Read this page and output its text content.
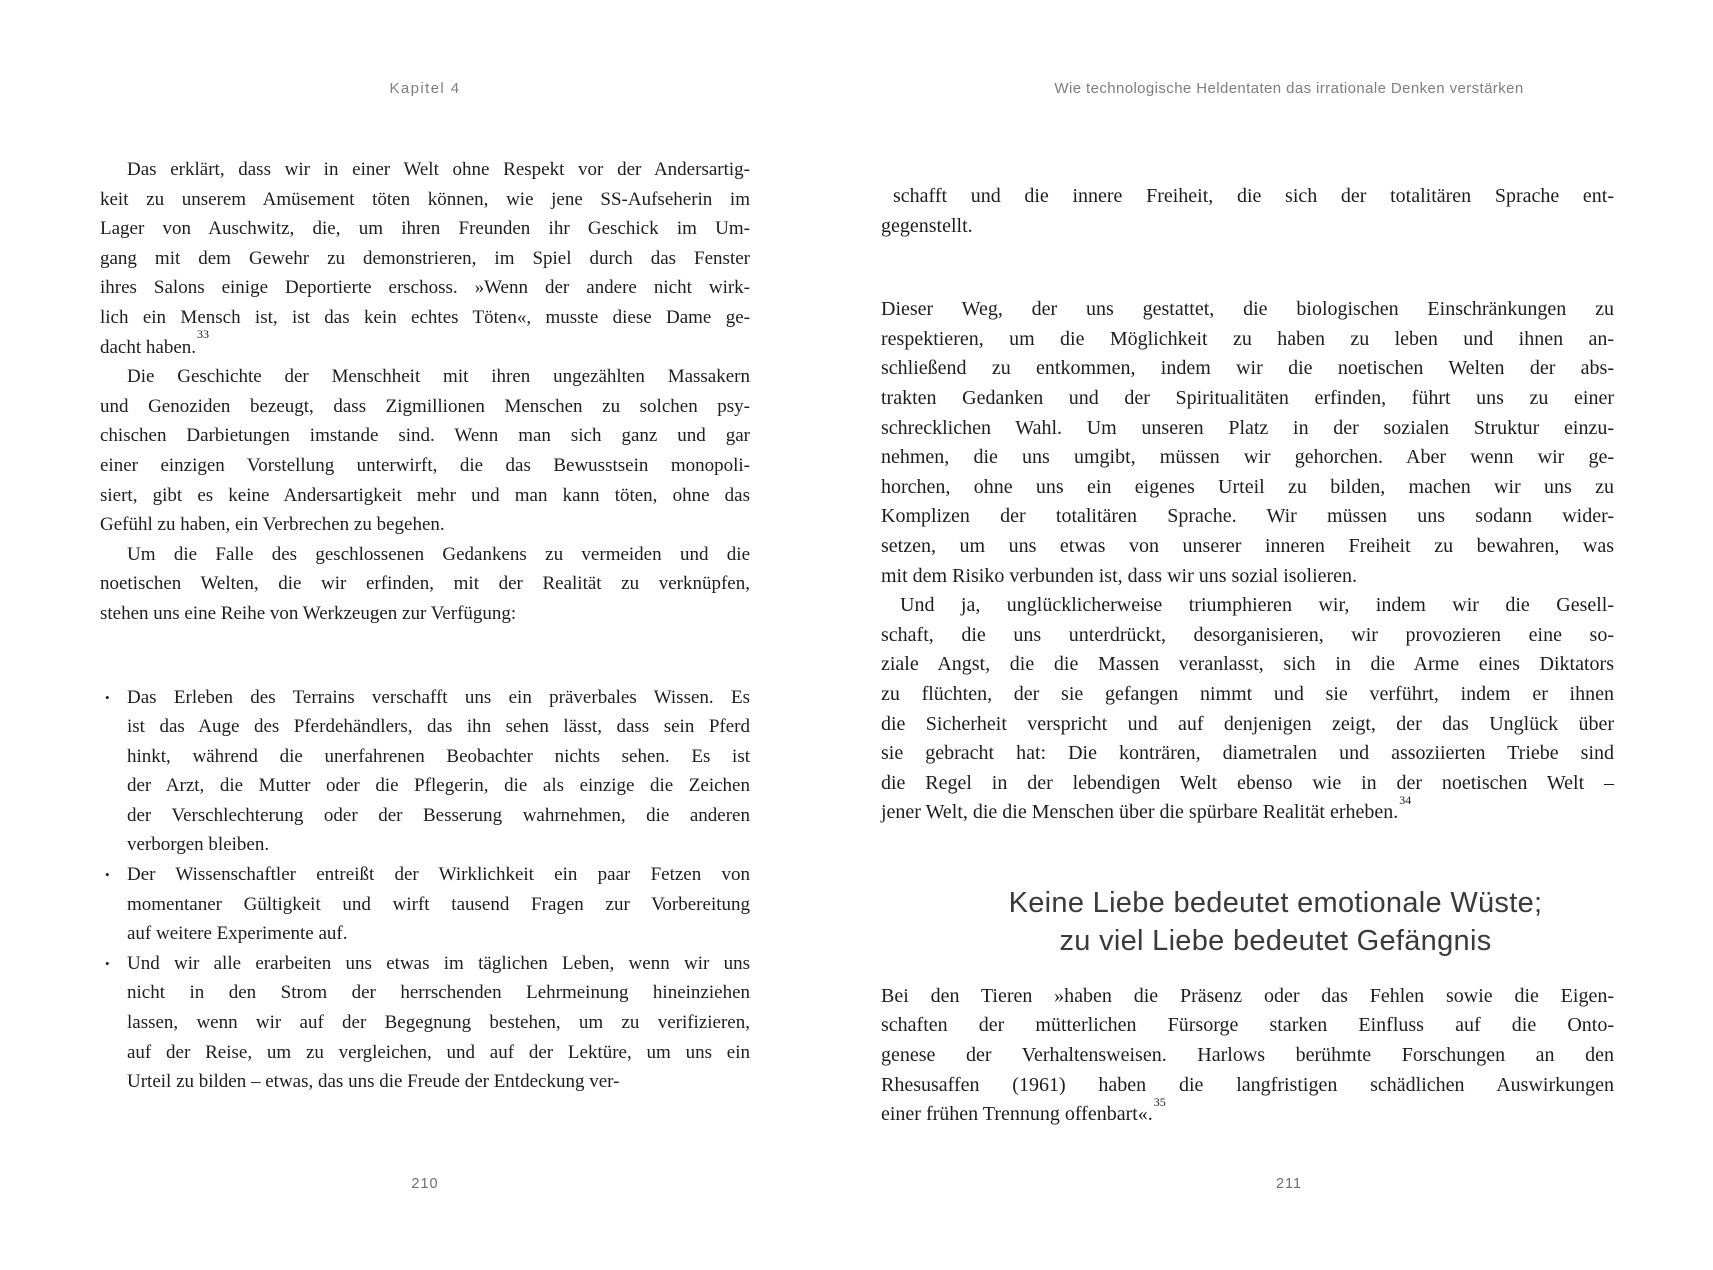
Kapitel 4

Das erklärt, dass wir in einer Welt ohne Respekt vor der Andersartig-
keit zu unserem Amüsement töten können, wie jene SS-Aufseherin im
Lager von Auschwitz, die, um ihren Freunden ihr Geschick im Um-
gang mit dem Gewehr zu demonstrieren, im Spiel durch das Fenster
ihres Salons einige Deportierte erschoss. »Wenn der andere nicht wirk-
lich ein Mensch ist, ist das kein echtes Töten«, musste diese Dame ge-
dacht haben.$^{33}$

Die Geschichte der Menschheit mit ihren ungezählten Massakern
und Genoziden bezeugt, dass Zigmillionen Menschen zu solchen psy-
chischen Darbietungen imstande sind. Wenn man sich ganz und gar
einer einzigen Vorstellung unterwirft, die das Bewusstsein monopoli-
siert, gibt es keine Andersartigkeit mehr und man kann töten, ohne das
Gefühl zu haben, ein Verbrechen zu begehen.

Um die Falle des geschlossenen Gedankens zu vermeiden und die
noetischen Welten, die wir erfinden, mit der Realität zu verknüpfen,
stehen uns eine Reihe von Werkzeugen zur Verfügung:

• Das Erleben des Terrains verschafft uns ein präverbales Wissen. Es
ist das Auge des Pferdehändlers, das ihn sehen lässt, dass sein Pferd
hinkt, während die unerfahrenen Beobachter nichts sehen. Es ist
der Arzt, die Mutter oder die Pflegerin, die als einzige die Zeichen
der Verschlechterung oder der Besserung wahrnehmen, die anderen
verborgen bleiben.
• Der Wissenschaftler entreißt der Wirklichkeit ein paar Fetzen von
momentaner Gültigkeit und wirft tausend Fragen zur Vorbereitung
auf weitere Experimente auf.
• Und wir alle erarbeiten uns etwas im täglichen Leben, wenn wir uns
nicht in den Strom der herrschenden Lehrmeinung hineinziehen
lassen, wenn wir auf der Begegnung bestehen, um zu verifizieren,
auf der Reise, um zu vergleichen, und auf der Lektüre, um uns ein
Urteil zu bilden – etwas, das uns die Freude der Entdeckung ver-
210
Wie technologische Heldentaten das irrationale Denken verstärken

schafft und die innere Freiheit, die sich der totalitären Sprache ent-
gegenstellt.

Dieser Weg, der uns gestattet, die biologischen Einschränkungen zu
respektieren, um die Möglichkeit zu haben zu leben und ihnen an-
schließend zu entkommen, indem wir die noetischen Welten der abs-
trakten Gedanken und der Spiritualitäten erfinden, führt uns zu einer
schrecklichen Wahl. Um unseren Platz in der sozialen Struktur einzu-
nehmen, die uns umgibt, müssen wir gehorchen. Aber wenn wir ge-
horchen, ohne uns ein eigenes Urteil zu bilden, machen wir uns zu
Komplizen der totalitären Sprache. Wir müssen uns sodann wider-
setzen, um uns etwas von unserer inneren Freiheit zu bewahren, was
mit dem Risiko verbunden ist, dass wir uns sozial isolieren.

Und ja, unglücklicherweise triumphieren wir, indem wir die Gesell-
schaft, die uns unterdrückt, desorganisieren, wir provozieren eine so-
ziale Angst, die die Massen veranlasst, sich in die Arme eines Diktators
zu flüchten, der sie gefangen nimmt und sie verführt, indem er ihnen
die Sicherheit verspricht und auf denjenigen zeigt, der das Unglück über
sie gebracht hat: Die konträren, diametralen und assoziierten Triebe sind
die Regel in der lebendigen Welt ebenso wie in der noetischen Welt –
jener Welt, die die Menschen über die spürbare Realität erheben.$^{34}$

Keine Liebe bedeutet emotionale Wüste;
zu viel Liebe bedeutet Gefängnis

Bei den Tieren »haben die Präsenz oder das Fehlen sowie die Eigen-
schaften der mütterlichen Fürsorge starken Einfluss auf die Onto-
genese der Verhaltensweisen. Harlows berühmte Forschungen an den
Rhesusaffen (1961) haben die langfristigen schädlichen Auswirkungen
einer frühen Trennung offenbart«.$^{35}$

211
